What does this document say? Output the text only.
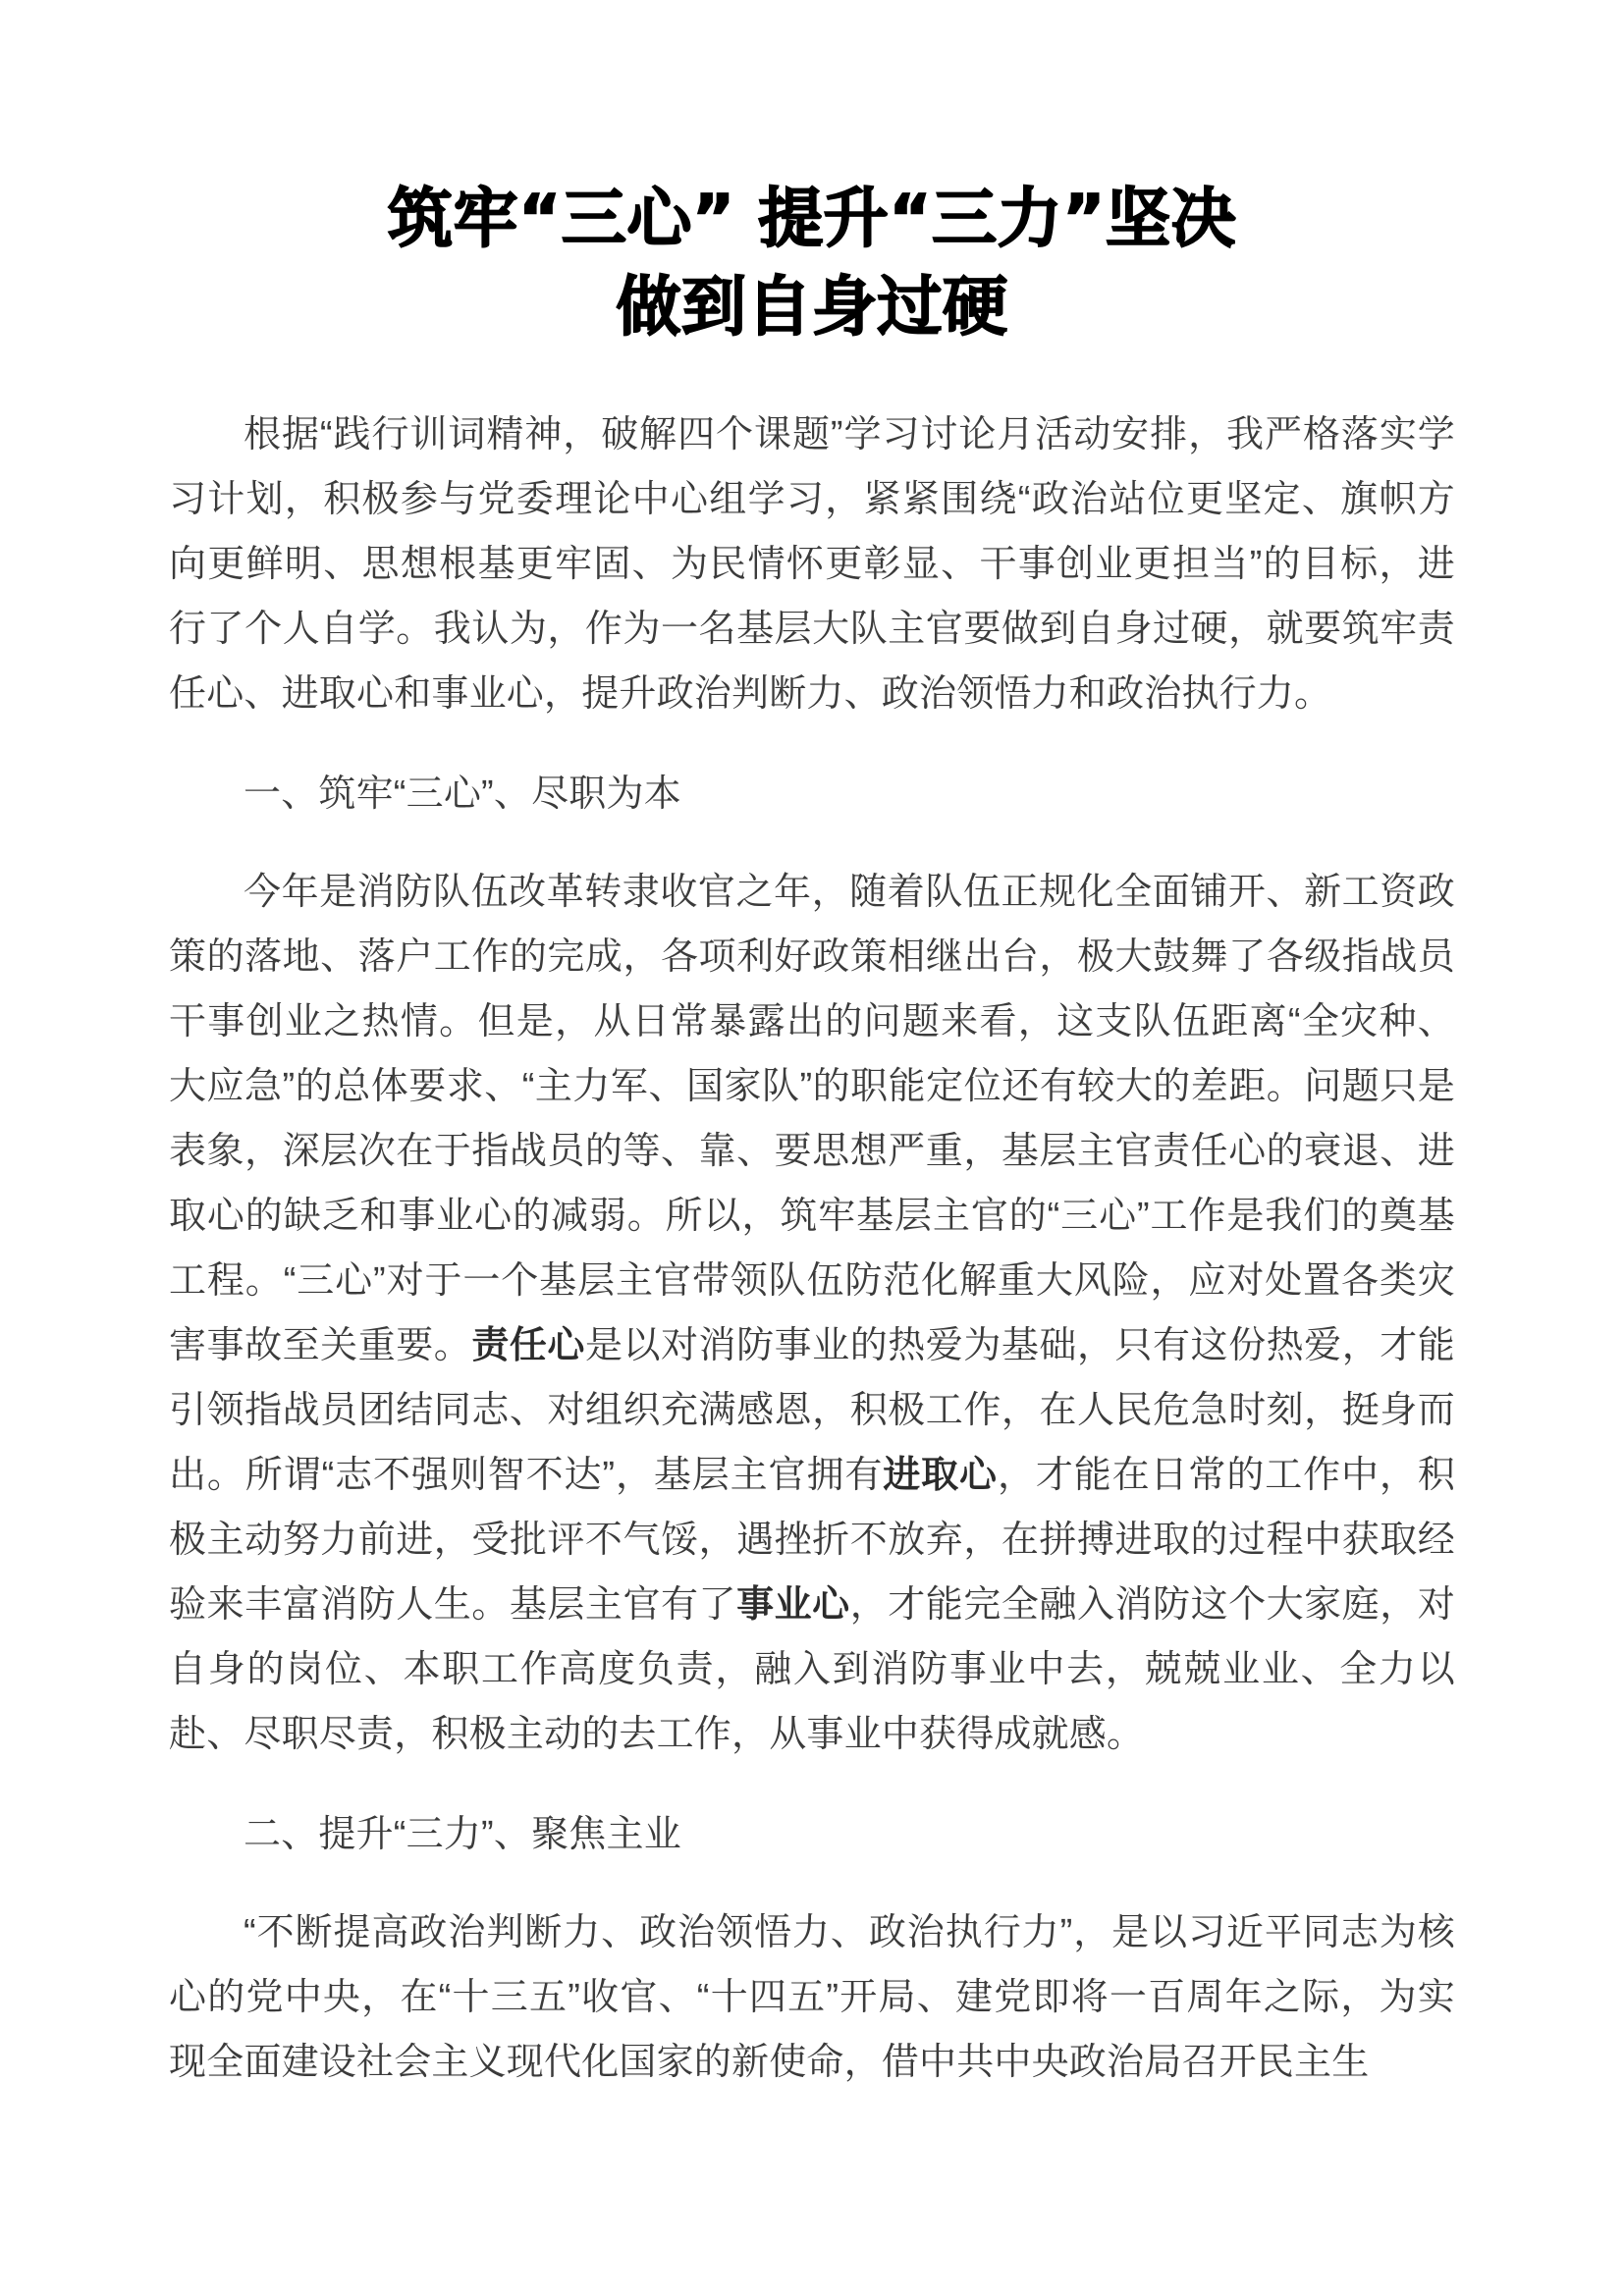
筑牢“三心” 提升“三力”坚决
做到自身过硬

根据“践行训词精神，破解四个课题”学习讨论月活动安排，我严格落实学习计划，积极参与党委理论中心组学习，紧紧围绕“政治站位更坚定、旗帜方向更鲜明、思想根基更牢固、为民情怀更彰显、干事创业更担当”的目标，进行了个人自学。我认为，作为一名基层大队主官要做到自身过硬，就要筑牢责任心、进取心和事业心，提升政治判断力、政治领悟力和政治执行力。

一、筑牢“三心”、尽职为本

今年是消防队伍改革转隶收官之年，随着队伍正规化全面铺开、新工资政策的落地、落户工作的完成，各项利好政策相继出台，极大鼓舞了各级指战员干事创业之热情。但是，从日常暴露出的问题来看，这支队伍距离“全灾种、大应急”的总体要求、“主力军、国家队”的职能定位还有较大的差距。问题只是表象，深层次在于指战员的等、靠、要思想严重，基层主官责任心的衰退、进取心的缺乏和事业心的减弱。所以，筑牢基层主官的“三心”工作是我们的奠基工程。“三心”对于一个基层主官带领队伍防范化解重大风险，应对处置各类灾害事故至关重要。责任心是以对消防事业的热爱为基础，只有这份热爱，才能引领指战员团结同志、对组织充满感恩，积极工作，在人民危急时刻，挺身而出。所谓“志不强则智不达”，基层主官拥有进取心，才能在日常的工作中，积极主动努力前进，受批评不气馁，遇挫折不放弃，在拼搏进取的过程中获取经验来丰富消防人生。基层主官有了事业心，才能完全融入消防这个大家庭，对自身的岗位、本职工作高度负责，融入到消防事业中去，兢兢业业、全力以赴、尽职尽责，积极主动的去工作，从事业中获得成就感。

二、提升“三力”、聚焦主业

“不断提高政治判断力、政治领悟力、政治执行力”，是以习近平同志为核心的党中央，在“十三五”收官、“十四五”开局、建党即将一百周年之际，为实现全面建设社会主义现代化国家的新使命，借中共中央政治局召开民主生
